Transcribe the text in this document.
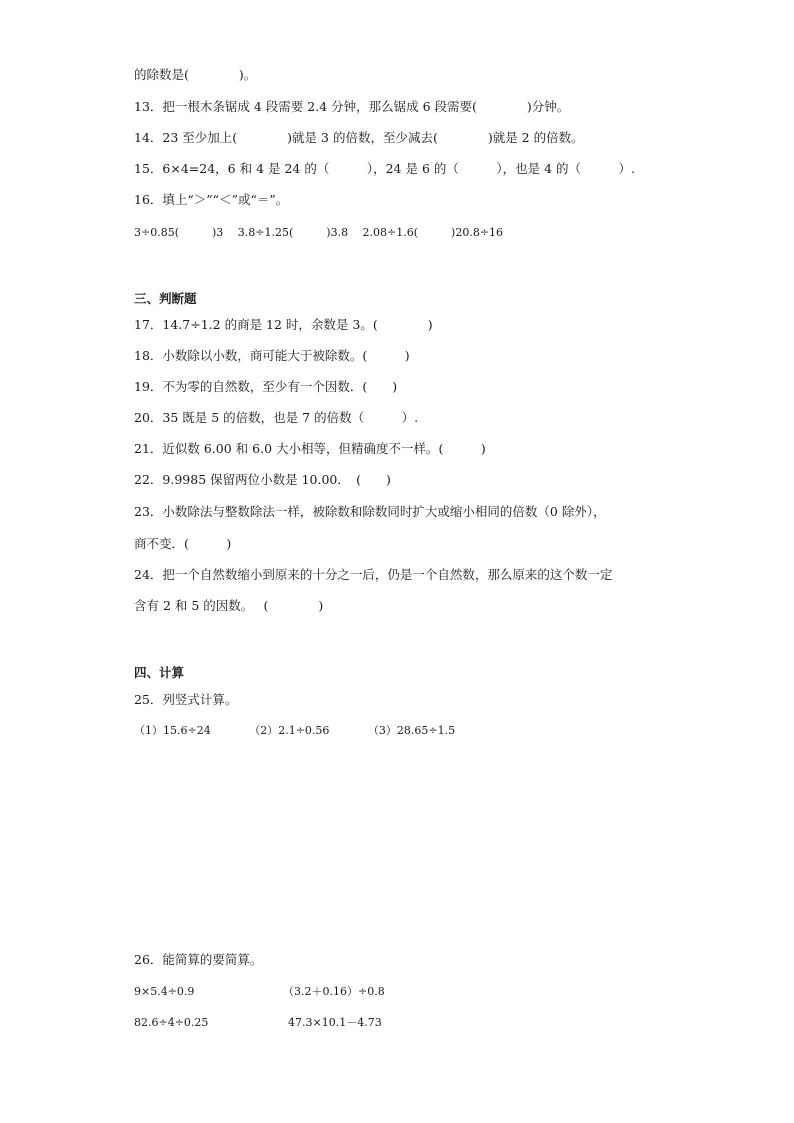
的除数是(　　　　)。
13．把一根木条锯成 4 段需要 2.4 分钟，那么锯成 6 段需要(　　　　)分钟。
14．23 至少加上(　　　　)就是 3 的倍数，至少减去(　　　　)就是 2 的倍数。
15．6×4=24，6 和 4 是 24 的（　　　），24 是 6 的（　　　），也是 4 的（　　　）.
16．填上“＞”“＜”或“＝”。
3÷0.85(　　　)3　 3.8÷1.25(　　　)3.8　 2.08÷1.6(　　　)20.8÷16
三、判断题
17．14.7÷1.2 的商是 12 时，余数是 3。(　　　　)
18．小数除以小数，商可能大于被除数。(　　　)
19．不为零的自然数，至少有一个因数．(　　)
20．35 既是 5 的倍数，也是 7 的倍数（　　　）.
21．近似数 6.00 和 6.0 大小相等，但精确度不一样。(　　　)
22．9.9985 保留两位小数是 10.00．　(　　)
23．小数除法与整数除法一样，被除数和除数同时扩大或缩小相同的倍数（0 除外），
商不变．(　　　)
24．把一个自然数缩小到原来的十分之一后，仍是一个自然数，那么原来的这个数一定
含有 2 和 5 的因数。　 (　　　　)
四、计算
25．列竖式计算。
（1）15.6÷24　　　　（2）2.1÷0.56　　　　（3）28.65÷1.5
26．能简算的要简算。
9×5.4÷0.9	（3.2＋0.16）÷0.8
82.6÷4÷0.25	47.3×10.1－4.73
